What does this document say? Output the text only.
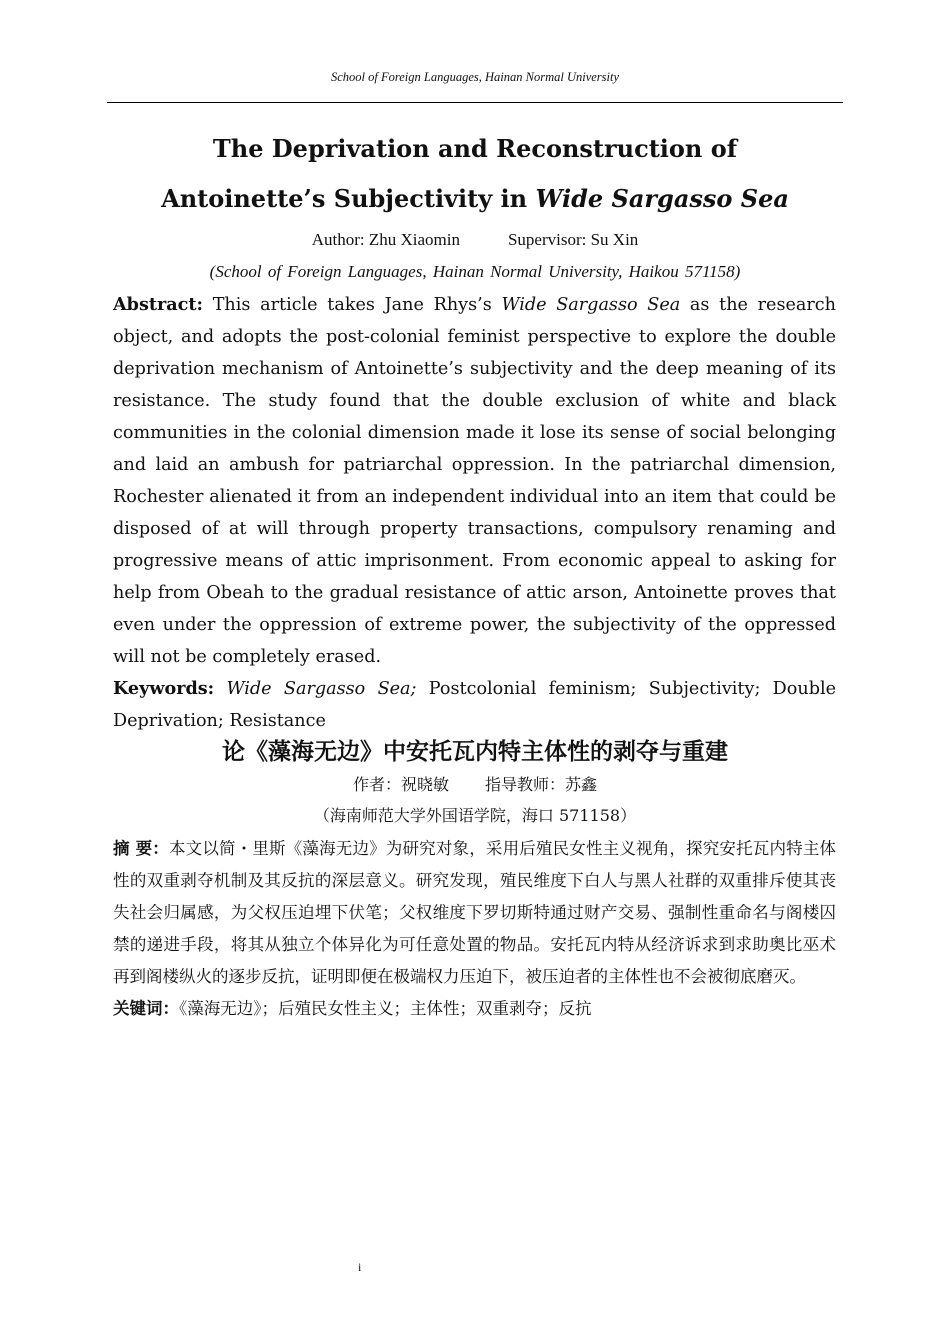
School of Foreign Languages, Hainan Normal University
The Deprivation and Reconstruction of
Antoinette’s Subjectivity in Wide Sargasso Sea
Author: Zhu Xiaomin	Supervisor: Su Xin
(School of Foreign Languages, Hainan Normal University, Haikou 571158)

Abstract: This article takes Jane Rhys’s Wide Sargasso Sea as the research object, and adopts the post-colonial feminist perspective to explore the double deprivation mechanism of Antoinette’s subjectivity and the deep meaning of its resistance. The study found that the double exclusion of white and black communities in the colonial dimension made it lose its sense of social belonging and laid an ambush for patriarchal oppression. In the patriarchal dimension, Rochester alienated it from an independent individual into an item that could be disposed of at will through property transactions, compulsory renaming and progressive means of attic imprisonment. From economic appeal to asking for help from Obeah to the gradual resistance of attic arson, Antoinette proves that even under the oppression of extreme power, the subjectivity of the oppressed will not be completely erased.

Keywords: Wide Sargasso Sea; Postcolonial feminism; Subjectivity; Double Deprivation; Resistance

论《藻海无边》中安托瓦内特主体性的剥夺与重建
作者：祝晓敏 指导教师：苏鑫
（海南师范大学外国语学院，海口 571158）

摘 要：本文以简・里斯《藻海无边》为研究对象，采用后殖民女性主义视角，探究安托瓦内特主体性的双重剥夺机制及其反抗的深层意义。研究发现，殖民维度下白人与黑人社群的双重排斥使其丧失社会归属感，为父权压迫埋下伏笔；父权维度下罗切斯特通过财产交易、强制性重命名与阁楼囚禁的递进手段，将其从独立个体异化为可任意处置的物品。安托瓦内特从经济诉求到求助奥比巫术再到阁楼纵火的逐步反抗，证明即便在极端权力压迫下，被压迫者的主体性也不会被彻底磨灭。

关键词：《藻海无边》；后殖民女性主义；主体性；双重剥夺；反抗

i
